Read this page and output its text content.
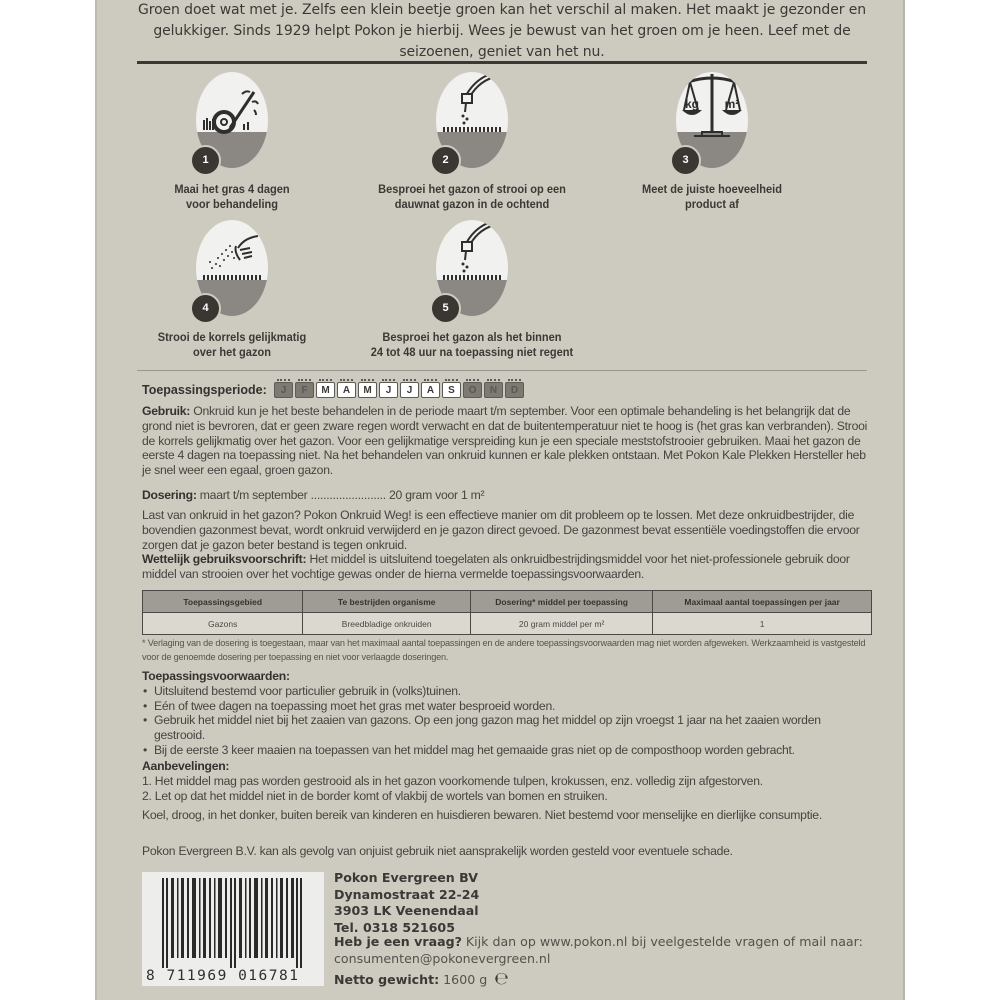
Groen doet wat met je. Zelfs een klein beetje groen kan het verschil al maken. Het maakt je gezonder en gelukkiger. Sinds 1929 helpt Pokon je hierbij. Wees je bewust van het groen om je heen. Leef met de seizoenen, geniet van het nu.
1
Maai het gras 4 dagen
voor behandeling
2
Besproei het gazon of strooi op een
dauwnat gazon in de ochtend
kg m²
3
Meet de juiste hoeveelheid
product af
4
Strooi de korrels gelijkmatig
over het gazon
5
Besproei het gazon als het binnen
24 tot 48 uur na toepassing niet regent
Toepassingsperiode:	J	F	M	A	M	J	J	A	S	O	N	D
Gebruik: Onkruid kun je het beste behandelen in de periode maart t/m september. Voor een optimale behandeling is het belangrijk dat de grond niet is bevroren, dat er geen zware regen wordt verwacht en dat de buitentemperatuur niet te hoog is (het gras kan verbranden). Strooi de korrels gelijkmatig over het gazon. Voor een gelijkmatige verspreiding kun je een speciale meststofstrooier gebruiken. Maai het gazon de eerste 4 dagen na toepassing niet. Na het behandelen van onkruid kunnen er kale plekken ontstaan. Met Pokon Kale Plekken Hersteller heb je snel weer een egaal, groen gazon.
Dosering: maart t/m september ........................ 20 gram voor 1 m²
Last van onkruid in het gazon? Pokon Onkruid Weg! is een effectieve manier om dit probleem op te lossen. Met deze onkruidbestrijder, die bovendien gazonmest bevat, wordt onkruid verwijderd en je gazon direct gevoed. De gazonmest bevat essentiële voedingstoffen die ervoor zorgen dat je gazon beter bestand is tegen onkruid.
Wettelijk gebruiksvoorschrift: Het middel is uitsluitend toegelaten als onkruidbestrijdingsmiddel voor het niet-professionele gebruik door middel van strooien over het vochtige gewas onder de hierna vermelde toepassingsvoorwaarden.
Toepassingsgebied	Te bestrijden organisme	Dosering* middel per toepassing	Maximaal aantal toepassingen per jaar
Gazons	Breedbladige onkruiden	20 gram middel per m²	1
* Verlaging van de dosering is toegestaan, maar van het maximaal aantal toepassingen en de andere toepassingsvoorwaarden mag niet worden afgeweken. Werkzaamheid is vastgesteld voor de genoemde dosering per toepassing en niet voor verlaagde doseringen.
Toepassingsvoorwaarden:
• Uitsluitend bestemd voor particulier gebruik in (volks)tuinen.
• Eén of twee dagen na toepassing moet het gras met water besproeid worden.
• Gebruik het middel niet bij het zaaien van gazons. Op een jong gazon mag het middel op zijn vroegst 1 jaar na het zaaien worden gestrooid.
• Bij de eerste 3 keer maaien na toepassen van het middel mag het gemaaide gras niet op de composthoop worden gebracht.
Aanbevelingen:
1. Het middel mag pas worden gestrooid als in het gazon voorkomende tulpen, krokussen, enz. volledig zijn afgestorven.
2. Let op dat het middel niet in de border komt of vlakbij de wortels van bomen en struiken.
Koel, droog, in het donker, buiten bereik van kinderen en huisdieren bewaren. Niet bestemd voor menselijke en dierlijke consumptie.
Pokon Evergreen B.V. kan als gevolg van onjuist gebruik niet aansprakelijk worden gesteld voor eventuele schade.
8 711969 016781
Pokon Evergreen BV
Dynamostraat 22-24
3903 LK Veenendaal
Tel. 0318 521605
Heb je een vraag? Kijk dan op www.pokon.nl bij veelgestelde vragen of mail naar: consumenten@pokonevergreen.nl
Netto gewicht: 1600 g ℮
